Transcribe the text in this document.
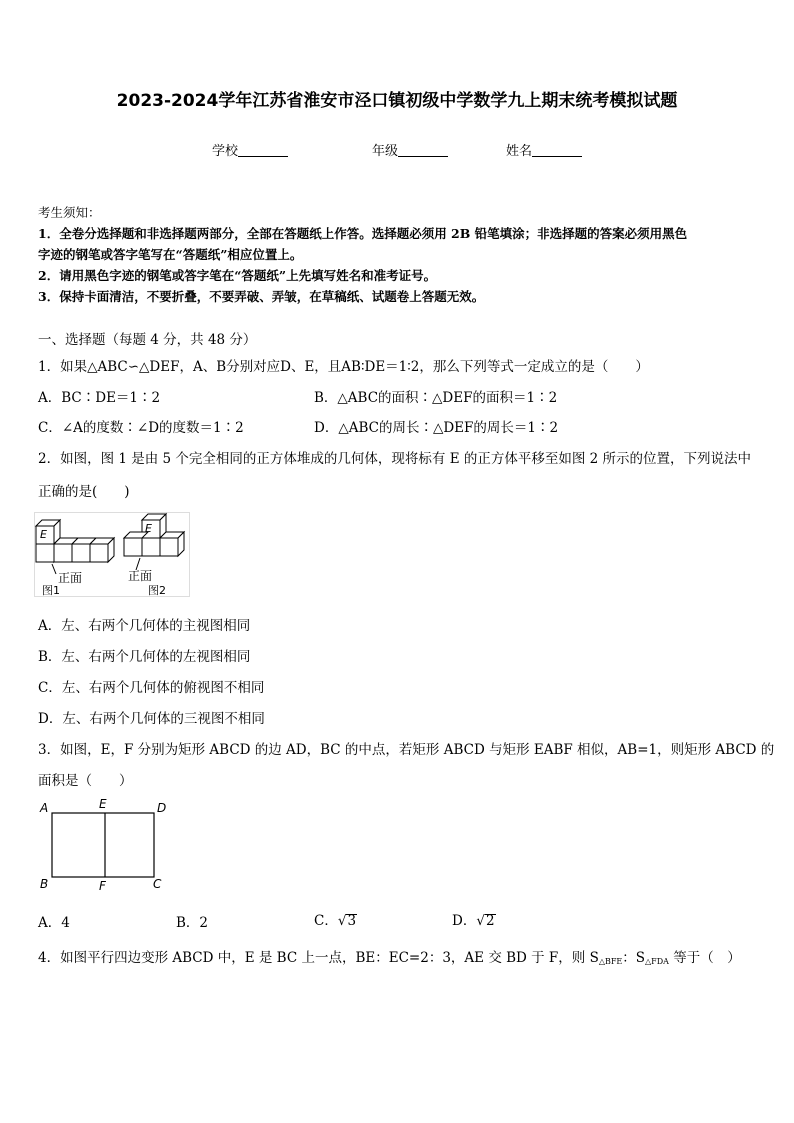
2023-2024学年江苏省淮安市泾口镇初级中学数学九上期末统考模拟试题
学校	年级	姓名
考生须知：
1．全卷分选择题和非选择题两部分，全部在答题纸上作答。选择题必须用 2B 铅笔填涂；非选择题的答案必须用黑色
字迹的钢笔或答字笔写在“答题纸”相应位置上。
2．请用黑色字迹的钢笔或答字笔在“答题纸”上先填写姓名和准考证号。
3．保持卡面清洁，不要折叠，不要弄破、弄皱，在草稿纸、试题卷上答题无效。
一、选择题（每题 4 分，共 48 分）
1．如果△ABC∽△DEF，A、B分别对应D、E，且AB∶DE＝1∶2，那么下列等式一定成立的是（　　）
A．BC∶DE＝1∶2	B．△ABC的面积∶△DEF的面积＝1∶2
C．∠A的度数∶∠D的度数＝1∶2	D．△ABC的周长∶△DEF的周长＝1∶2
2．如图，图 1 是由 5 个完全相同的正方体堆成的几何体，现将标有 E 的正方体平移至如图 2 所示的位置，下列说法中
正确的是(　　)
E
正面
图1
E
正面
图2
A．左、右两个几何体的主视图相同
B．左、右两个几何体的左视图相同
C．左、右两个几何体的俯视图不相同
D．左、右两个几何体的三视图不相同
3．如图，E，F 分别为矩形 ABCD 的边 AD，BC 的中点，若矩形 ABCD 与矩形 EABF 相似，AB=1，则矩形 ABCD 的
面积是（　　）
A	E	D
B	F	C
A．4	B．2	C．√3	D．√2
4．如图平行四边变形 ABCD 中，E 是 BC 上一点，BE：EC=2：3，AE 交 BD 于 F，则 $S_{\triangle BFE}$：$S_{\triangle FDA}$ 等于（　）
